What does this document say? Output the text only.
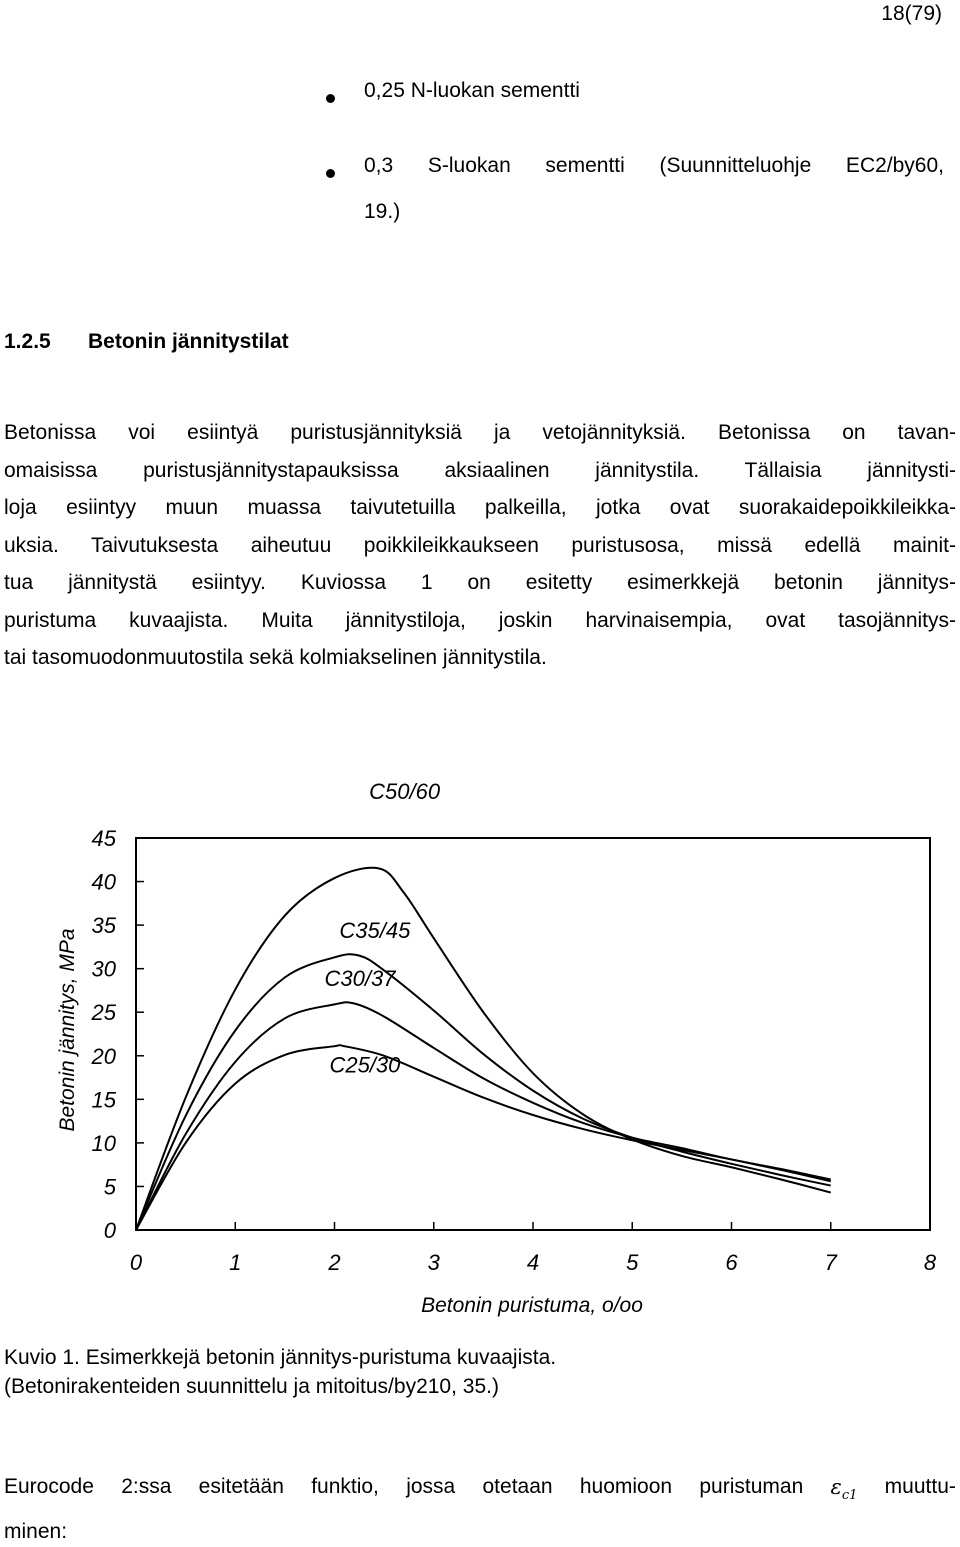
18(79)
0,25 N-luokan sementti
0,3 S-luokan sementti (Suunnitteluohje EC2/by60,
19.)
1.2.5 Betonin jännitystilat
Betonissa voi esiintyä puristusjännityksiä ja vetojännityksiä. Betonissa on tavan-
omaisissa puristusjännitystapauksissa aksiaalinen jännitystila. Tällaisia jännitysti-
loja esiintyy muun muassa taivutetuilla palkeilla, jotka ovat suorakaidepoikkileikka-
uksia. Taivutuksesta aiheutuu poikkileikkaukseen puristusosa, missä edellä mainit-
tua jännitystä esiintyy. Kuviossa 1 on esitetty esimerkkejä betonin jännitys-
puristuma kuvaajista. Muita jännitystiloja, joskin harvinaisempia, ovat tasojännitys-
tai tasomuodonmuutostila sekä kolmiakselinen jännitystila.
0	1	2	3	4	5	6	7	8
0
5
10
15
20
25
30
35
40
45
Betonin puristuma, o/oo
Betonin jännitys, MPa
C50/60
C35/45
C30/37
C25/30
Kuvio 1. Esimerkkejä betonin jännitys-puristuma kuvaajista.
(Betonirakenteiden suunnittelu ja mitoitus/by210, 35.)
Eurocode 2:ssa esitetään funktio, jossa otetaan huomioon puristuman $\varepsilon_{c1}$ muuttu-
minen:
